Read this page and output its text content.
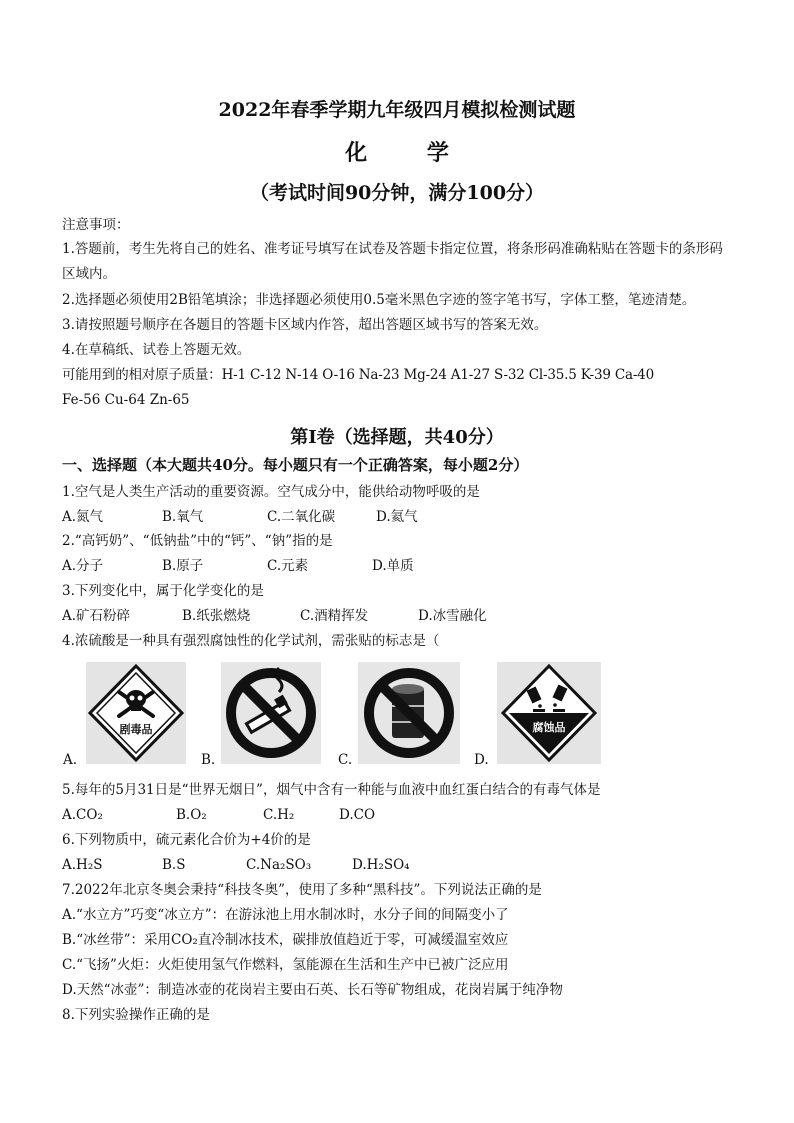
2022年春季学期九年级四月模拟检测试题
化 学
（考试时间90分钟，满分100分）
注意事项：
1.答题前，考生先将自己的姓名、准考证号填写在试卷及答题卡指定位置，将条形码准确粘贴在答题卡的条形码区域内。
2.选择题必须使用2B铅笔填涂；非选择题必须使用0.5毫米黑色字迹的签字笔书写，字体工整，笔迹清楚。
3.请按照题号顺序在各题目的答题卡区域内作答，超出答题区域书写的答案无效。
4.在草稿纸、试卷上答题无效。
可能用到的相对原子质量：H-1 C-12 N-14 O-16 Na-23 Mg-24 A1-27 S-32 Cl-35.5 K-39 Ca-40
Fe-56 Cu-64 Zn-65
第I卷（选择题，共40分）
一、选择题（本大题共40分。每小题只有一个正确答案，每小题2分）
1.空气是人类生产活动的重要资源。空气成分中，能供给动物呼吸的是
A.氮气	B.氧气	C.二氧化碳	D.氦气
2.“高钙奶”、“低钠盐”中的“钙”、“钠”指的是
A.分子	B.原子	C.元素	D.单质
3.下列变化中，属于化学变化的是
A.矿石粉碎	B.纸张燃烧	C.酒精挥发	D.冰雪融化
4.浓硫酸是一种具有强烈腐蚀性的化学试剂，需张贴的标志是（
剧毒品
A.	B.	C.
腐蚀品
D.
5.每年的5月31日是“世界无烟日”，烟气中含有一种能与血液中血红蛋白结合的有毒气体是
A.CO₂	B.O₂	C.H₂	D.CO
6.下列物质中，硫元素化合价为+4价的是
A.H₂S	B.S	C.Na₂SO₃	D.H₂SO₄
7.2022年北京冬奥会秉持“科技冬奥”，使用了多种“黑科技”。下列说法正确的是
A.“水立方”巧变“冰立方”：在游泳池上用水制冰时，水分子间的间隔变小了
B.“冰丝带”：采用CO₂直冷制冰技术，碳排放值趋近于零，可减缓温室效应
C.“飞扬”火炬：火炬使用氢气作燃料，氢能源在生活和生产中已被广泛应用
D.天然“冰壶”：制造冰壶的花岗岩主要由石英、长石等矿物组成，花岗岩属于纯净物
8.下列实验操作正确的是
